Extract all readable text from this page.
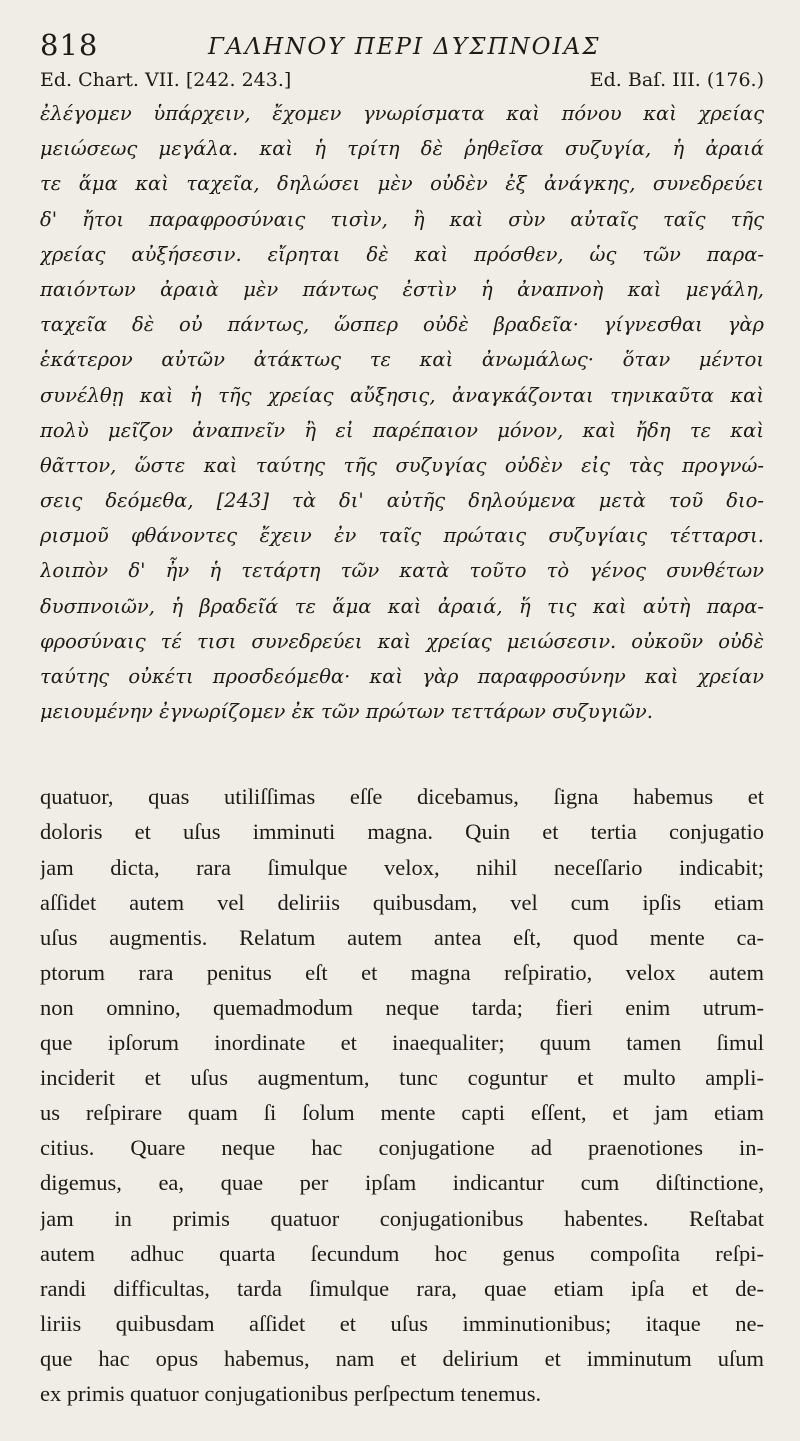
818	ΓΑΛΗΝΟΥ ΠΕΡΙ ΔΥΣΠΝΟΙΑΣ
Ed. Chart. VII. [242. 243.]	Ed. Baſ. III. (176.)
ἐλέγομεν ὑπάρχειν, ἔχομεν γνωρίσματα καὶ πόνου καὶ χρείας
μειώσεως μεγάλα. καὶ ἡ τρίτη δὲ ῥηθεῖσα συζυγία, ἡ ἀραιά
τε ἅμα καὶ ταχεῖα, δηλώσει μὲν οὐδὲν ἐξ ἀνάγκης, συνεδρεύει
δ' ἤτοι παραφροσύναις τισὶν, ἢ καὶ σὺν αὐταῖς ταῖς τῆς
χρείας αὐξήσεσιν. εἴρηται δὲ καὶ πρόσθεν, ὡς τῶν παρα-
παιόντων ἀραιὰ μὲν πάντως ἐστὶν ἡ ἀναπνοὴ καὶ μεγάλη,
ταχεῖα δὲ οὐ πάντως, ὥσπερ οὐδὲ βραδεῖα· γίγνεσθαι γὰρ
ἑκάτερον αὐτῶν ἀτάκτως τε καὶ ἀνωμάλως· ὅταν μέντοι
συνέλθῃ καὶ ἡ τῆς χρείας αὔξησις, ἀναγκάζονται τηνικαῦτα καὶ
πολὺ μεῖζον ἀναπνεῖν ἢ εἰ παρέπαιον μόνον, καὶ ἤδη τε καὶ
θᾶττον, ὥστε καὶ ταύτης τῆς συζυγίας οὐδὲν εἰς τὰς προγνώ-
σεις δεόμεθα, [243] τὰ δι' αὐτῆς δηλούμενα μετὰ τοῦ διο-
ρισμοῦ φθάνοντες ἔχειν ἐν ταῖς πρώταις συζυγίαις τέτταρσι.
λοιπὸν δ' ἦν ἡ τετάρτη τῶν κατὰ τοῦτο τὸ γένος συνθέτων
δυσπνοιῶν, ἡ βραδεῖά τε ἅμα καὶ ἀραιά, ἥ τις καὶ αὐτὴ παρα-
φροσύναις τέ τισι συνεδρεύει καὶ χρείας μειώσεσιν. οὐκοῦν οὐδὲ
ταύτης οὐκέτι προσδεόμεθα· καὶ γὰρ παραφροσύνην καὶ χρείαν
μειουμένην ἐγνωρίζομεν ἐκ τῶν πρώτων τεττάρων συζυγιῶν.
quatuor, quas utiliſſimas eſſe dicebamus, ſigna habemus et
doloris et uſus imminuti magna. Quin et tertia conjugatio
jam dicta, rara ſimulque velox, nihil neceſſario indicabit;
aſſidet autem vel deliriis quibusdam, vel cum ipſis etiam
uſus augmentis. Relatum autem antea eſt, quod mente ca-
ptorum rara penitus eſt et magna reſpiratio, velox autem
non omnino, quemadmodum neque tarda; fieri enim utrum-
que ipſorum inordinate et inaequaliter; quum tamen ſimul
inciderit et uſus augmentum, tunc coguntur et multo ampli-
us reſpirare quam ſi ſolum mente capti eſſent, et jam etiam
citius. Quare neque hac conjugatione ad praenotiones in-
digemus, ea, quae per ipſam indicantur cum diſtinctione,
jam in primis quatuor conjugationibus habentes. Reſtabat
autem adhuc quarta ſecundum hoc genus compoſita reſpi-
randi difficultas, tarda ſimulque rara, quae etiam ipſa et de-
liriis quibusdam aſſidet et uſus imminutionibus; itaque ne-
que hac opus habemus, nam et delirium et imminutum uſum
ex primis quatuor conjugationibus perſpectum tenemus.
